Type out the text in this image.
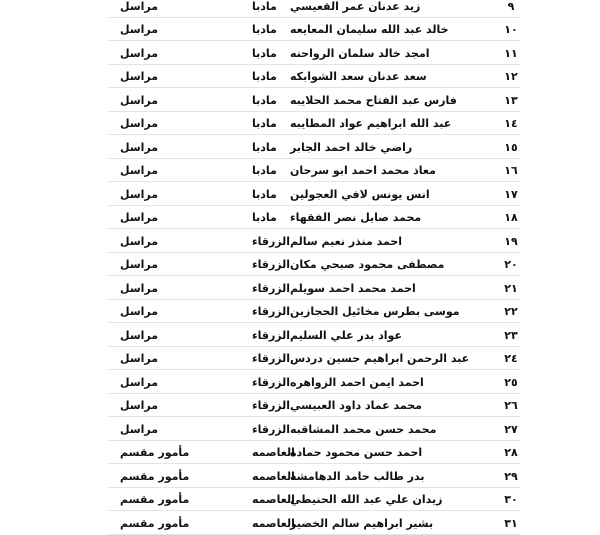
٩
زيد عدنان عمر القعيسي
مادبا
مراسل
١٠
خالد عبد الله سليمان المعايعه
مادبا
مراسل
١١
امجد خالد سلمان الرواحنه
مادبا
مراسل
١٢
سعد عدنان سعد الشوابكه
مادبا
مراسل
١٣
فارس عبد الفتاح محمد الحلايبه
مادبا
مراسل
١٤
عبد الله ابراهيم عواد المطايبه
مادبا
مراسل
١٥
راضي خالد احمد الجابر
مادبا
مراسل
١٦
معاذ محمد احمد ابو سرحان
مادبا
مراسل
١٧
انس يونس لافي العجولين
مادبا
مراسل
١٨
محمد صايل نصر الفقهاء
مادبا
مراسل
١٩
احمد منذر نعيم سالم
الزرقاء
مراسل
٢٠
مصطفى محمود صبحي مكان
الزرقاء
مراسل
٢١
احمد محمد احمد سويلم
الزرقاء
مراسل
٢٢
موسى بطرس مخائيل الحجازين
الزرقاء
مراسل
٢٣
عواد بدر علي السليم
الزرقاء
مراسل
٢٤
عبد الرحمن ابراهيم حسين دردس
الزرقاء
مراسل
٢٥
احمد ايمن احمد الزواهره
الزرقاء
مراسل
٢٦
محمد عماد داود العبيسي
الزرقاء
مراسل
٢٧
محمد حسن محمد المشاقبه
الزرقاء
مراسل
٢٨
احمد حسن محمود حماده
العاصمه
مأمور مقسم
٢٩
بدر طالب حامد الدهامشه
العاصمه
مأمور مقسم
٣٠
زيدان علي عبد الله الحنيطي
العاصمه
مأمور مقسم
٣١
بشير ابراهيم سالم الخضير
العاصمه
مأمور مقسم
